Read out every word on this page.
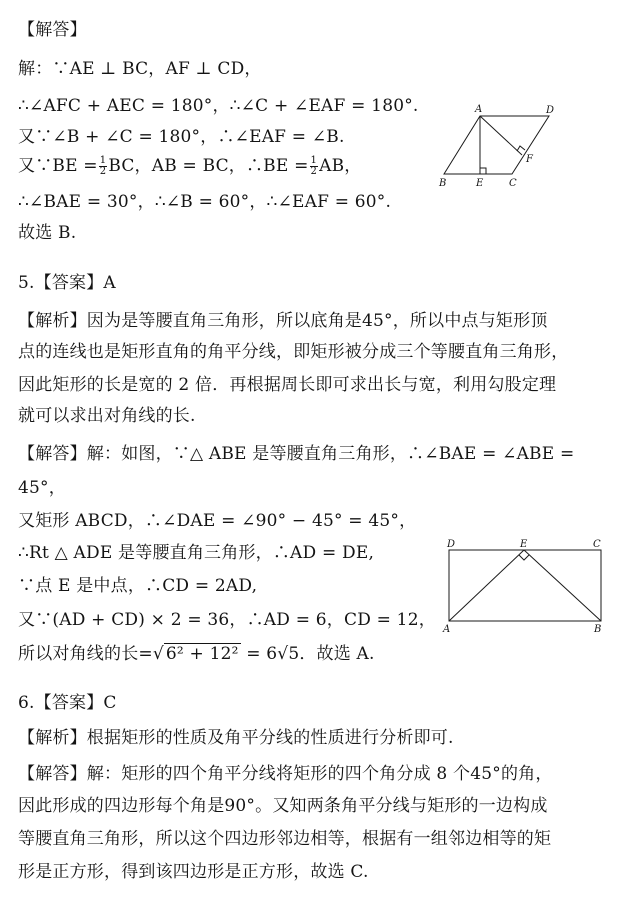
【解答】
解：∵AE ⊥ BC，AF ⊥ CD，
∴∠AFC + AEC = 180°，∴∠C + ∠EAF = 180°.
又∵∠B + ∠C = 180°，∴∠EAF = ∠B.
又∵BE = $\frac{1}{2}$ BC，AB = BC，∴BE = $\frac{1}{2}$ AB，
∴∠BAE = 30°，∴∠B = 60°，∴∠EAF = 60°.
故选 B.
A	D
F
B	E	C
5.【答案】A
【解析】因为是等腰直角三角形，所以底角是45°，所以中点与矩形顶
点的连线也是矩形直角的角平分线，即矩形被分成三个等腰直角三角形，
因此矩形的长是宽的 2 倍．再根据周长即可求出长与宽，利用勾股定理
就可以求出对角线的长.
【解答】解：如图，∵△ ABE 是等腰直角三角形，∴∠BAE = ∠ABE =
45°，
又矩形 ABCD，∴∠DAE = ∠90° − 45° = 45°，
∴Rt △ ADE 是等腰直角三角形，∴AD = DE,
∵点 E 是中点，∴CD = 2AD,
又∵(AD + CD) × 2 = 36，∴AD = 6，CD = 12，
所以对角线的长=√ 6² + 12² = 6√5．故选 A.
D	E	C
A	B
6.【答案】C
【解析】根据矩形的性质及角平分线的性质进行分析即可.
【解答】解：矩形的四个角平分线将矩形的四个角分成 8 个45°的角，
因此形成的四边形每个角是90°。又知两条角平分线与矩形的一边构成
等腰直角三角形，所以这个四边形邻边相等，根据有一组邻边相等的矩
形是正方形，得到该四边形是正方形，故选 C.
